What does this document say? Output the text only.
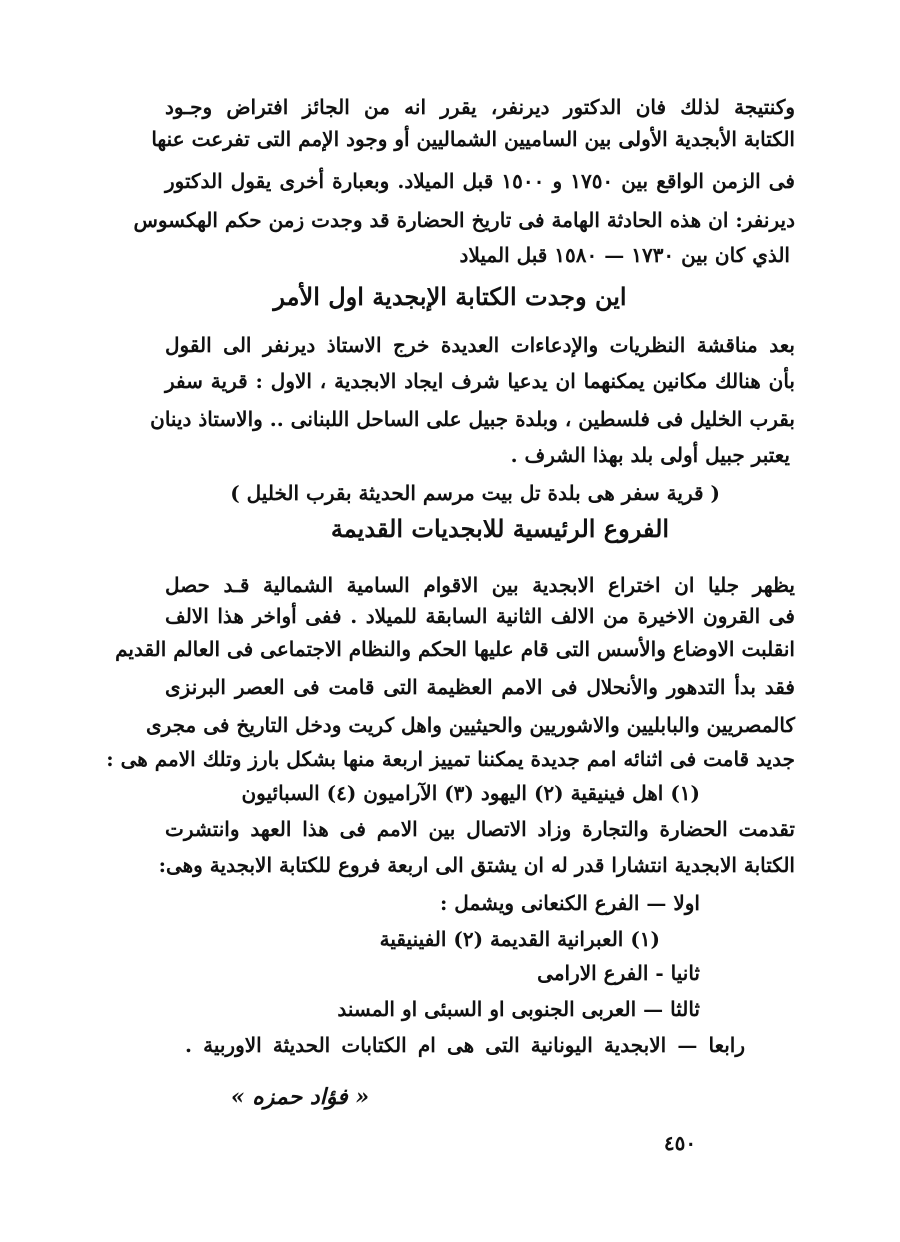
وكنتيجة لذلك فان الدكتور ديرنفر، يقرر انه من الجائز افتراض وجـود
الكتابة الأبجدية الأولى بين الساميين الشماليين أو وجود الإمم التى تفرعت عنها
فى الزمن الواقع بين ١٧٥٠ و ١٥٠٠ قبل الميلاد. وبعبارة أخرى يقول الدكتور
ديرنفر: ان هذه الحادثة الهامة فى تاريخ الحضارة قد وجدت زمن حكم الهكسوس
الذي كان بين ١٧٣٠ — ١٥٨٠ قبل الميلاد
اين وجدت الكتابة الإبجدية اول الأمر
بعد مناقشة النظريات والإدعاءات العديدة خرج الاستاذ ديرنفر الى القول
بأن هنالك مكانين يمكنهما ان يدعيا شرف ايجاد الابجدية ، الاول : قرية سفر
بقرب الخليل فى فلسطين ، وبلدة جبيل على الساحل اللبنانى .. والاستاذ دينان
يعتبر جبيل أولى بلد بهذا الشرف .
( قرية سفر هى بلدة تل بيت مرسم الحديثة بقرب الخليل )
الفروع الرئيسية للابجديات القديمة
يظهر جليا ان اختراع الابجدية بين الاقوام السامية الشمالية قـد حصل
فى القرون الاخيرة من الالف الثانية السابقة للميلاد . ففى أواخر هذا الالف
انقلبت الاوضاع والأسس التى قام عليها الحكم والنظام الاجتماعى فى العالم القديم
فقد بدأ التدهور والأنحلال فى الامم العظيمة التى قامت فى العصر البرنزى
كالمصريين والبابليين والاشوريين والحيثيين واهل كريت ودخل التاريخ فى مجرى
جديد قامت فى اثنائه امم جديدة يمكننا تمييز اربعة منها بشكل بارز وتلك الامم هى :
(١) اهل فينيقية (٢) اليهود (٣) الآراميون (٤) السبائيون
تقدمت الحضارة والتجارة وزاد الاتصال بين الامم فى هذا العهد وانتشرت
الكتابة الابجدية انتشارا قدر له ان يشتق الى اربعة فروع للكتابة الابجدية وهى:
اولا — الفرع الكنعانى ويشمل :
(١) العبرانية القديمة (٢) الفينيقية
ثانيا - الفرع الارامى
ثالثا — العربى الجنوبى او السبئى او المسند
رابعا — الابجدية اليونانية التى هى ام الكتابات الحديثة الاوربية .
« فؤاد حمزه »
٤٥٠
